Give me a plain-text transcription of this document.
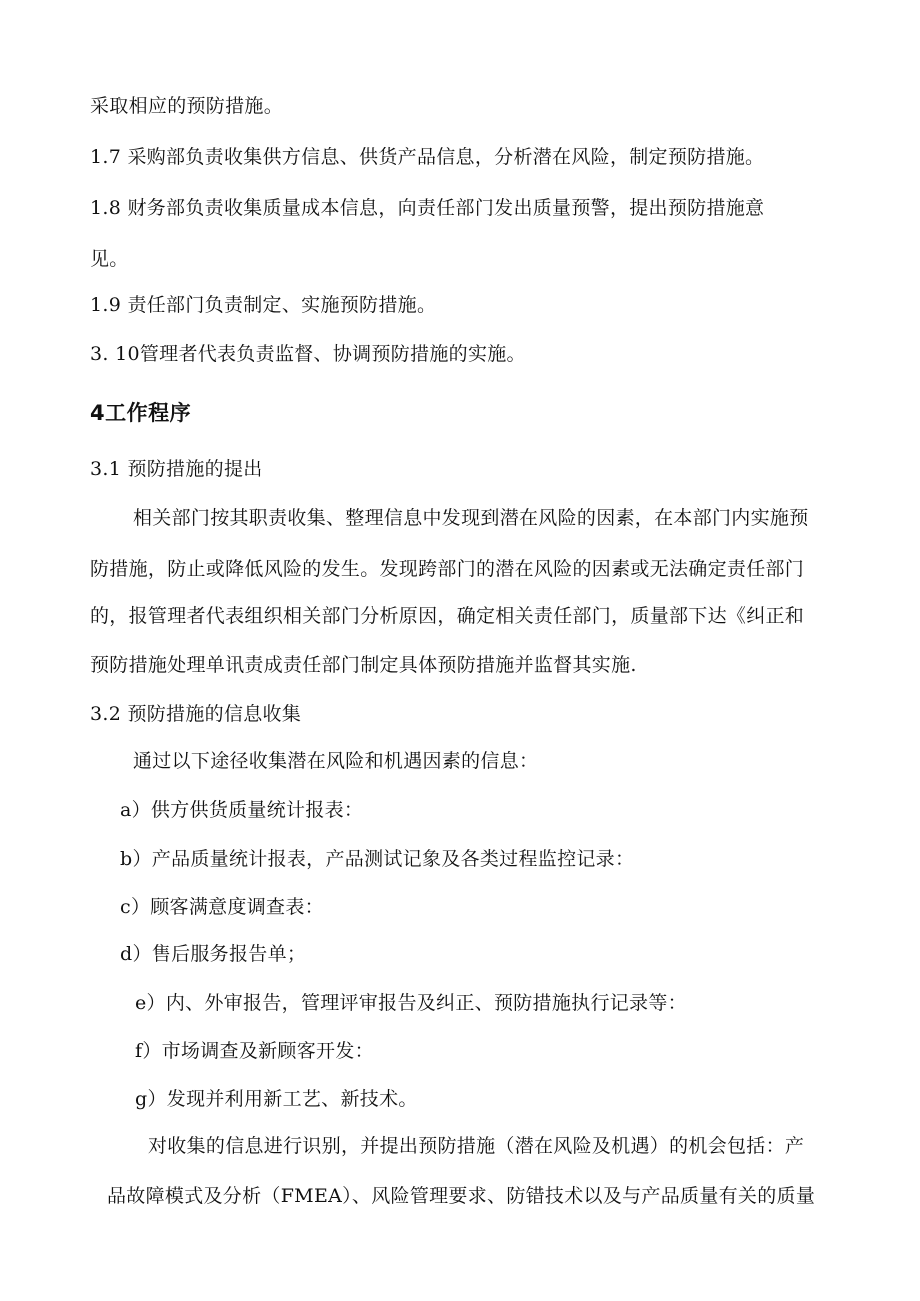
采取相应的预防措施。
1.7 采购部负责收集供方信息、供货产品信息，分析潜在风险，制定预防措施。
1.8 财务部负责收集质量成本信息，向责任部门发出质量预警，提出预防措施意
见。
1.9 责任部门负责制定、实施预防措施。
3. 10管理者代表负责监督、协调预防措施的实施。
4工作程序
3.1 预防措施的提出
相关部门按其职责收集、整理信息中发现到潜在风险的因素，在本部门内实施预
防措施，防止或降低风险的发生。发现跨部门的潜在风险的因素或无法确定责任部门
的，报管理者代表组织相关部门分析原因，确定相关责任部门，质量部下达《纠正和
预防措施处理单讯责成责任部门制定具体预防措施并监督其实施.
3.2 预防措施的信息收集
通过以下途径收集潜在风险和机遇因素的信息：
a）供方供货质量统计报表：
b）产品质量统计报表，产品测试记象及各类过程监控记录：
c）顾客满意度调查表：
d）售后服务报告单；
e）内、外审报告，管理评审报告及纠正、预防措施执行记录等：
f）市场调查及新顾客开发：
g）发现并利用新工艺、新技术。
对收集的信息进行识别，并提出预防措施（潜在风险及机遇）的机会包括：产
品故障模式及分析（FMEA）、风险管理要求、防错技术以及与产品质量有关的质量
